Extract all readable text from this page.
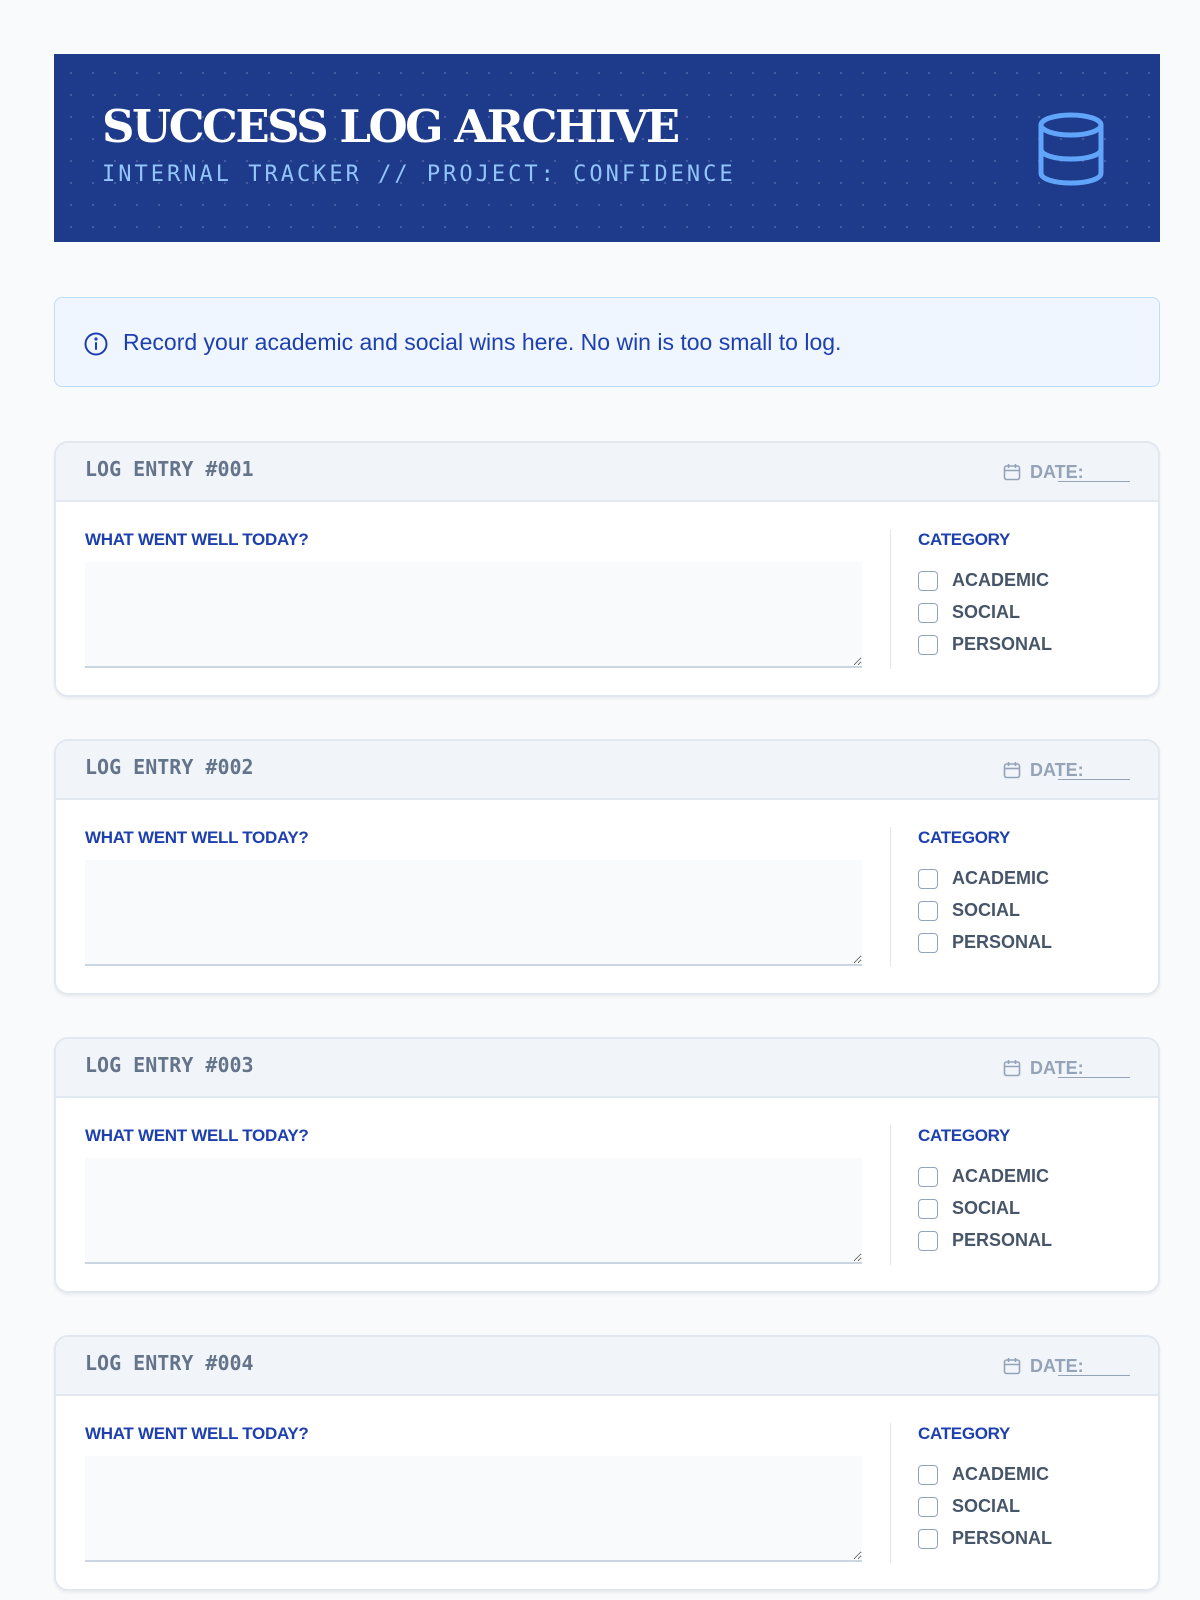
SUCCESS LOG ARCHIVE
INTERNAL TRACKER // PROJECT: CONFIDENCE
Record your academic and social wins here. No win is too small to log.
LOG ENTRY #001	DATE:
WHAT WENT WELL TODAY?	CATEGORY
ACADEMIC
SOCIAL
PERSONAL
LOG ENTRY #002	DATE:
WHAT WENT WELL TODAY?	CATEGORY
ACADEMIC
SOCIAL
PERSONAL
LOG ENTRY #003	DATE:
WHAT WENT WELL TODAY?	CATEGORY
ACADEMIC
SOCIAL
PERSONAL
LOG ENTRY #004	DATE:
WHAT WENT WELL TODAY?	CATEGORY
ACADEMIC
SOCIAL
PERSONAL
